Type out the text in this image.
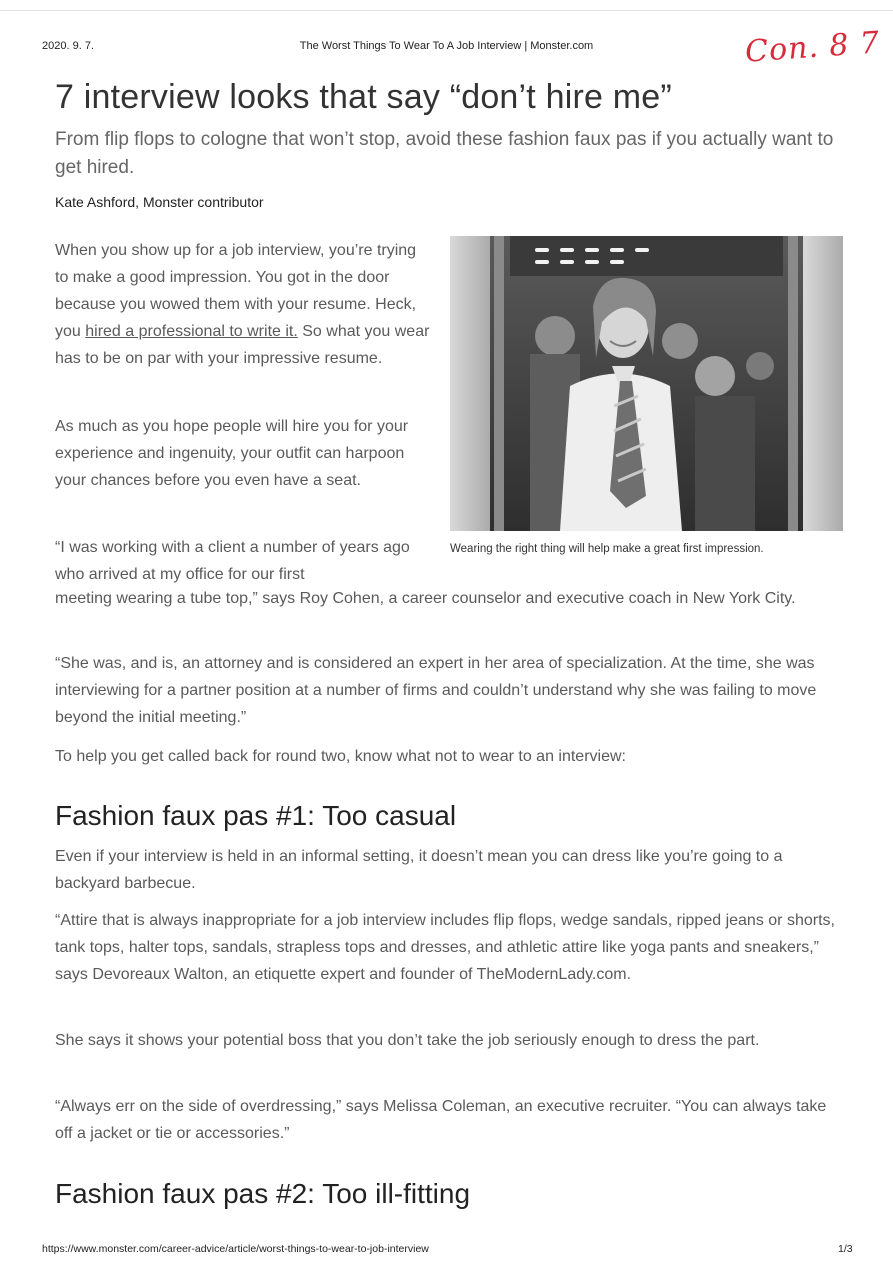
2020. 9. 7.	The Worst Things To Wear To A Job Interview | Monster.com	Con. 8 7
7 interview looks that say “don’t hire me”

From flip flops to cologne that won’t stop, avoid these fashion faux pas if you actually want to get hired.

Kate Ashford, Monster contributor

When you show up for a job interview, you’re trying to make a good impression. You got in the door because you wowed them with your resume. Heck, you hired a professional to write it. So what you wear has to be on par with your impressive resume.

As much as you hope people will hire you for your experience and ingenuity, your outfit can harpoon your chances before you even have a seat.

“I was working with a client a number of years ago who arrived at my office for our first

Wearing the right thing will help make a great first impression.

meeting wearing a tube top,” says Roy Cohen, a career counselor and executive coach in New York City.

“She was, and is, an attorney and is considered an expert in her area of specialization. At the time, she was interviewing for a partner position at a number of firms and couldn’t understand why she was failing to move beyond the initial meeting.”

To help you get called back for round two, know what not to wear to an interview:

Fashion faux pas #1: Too casual

Even if your interview is held in an informal setting, it doesn’t mean you can dress like you’re going to a backyard barbecue.

“Attire that is always inappropriate for a job interview includes flip flops, wedge sandals, ripped jeans or shorts, tank tops, halter tops, sandals, strapless tops and dresses, and athletic attire like yoga pants and sneakers,” says Devoreaux Walton, an etiquette expert and founder of TheModernLady.com.

She says it shows your potential boss that you don’t take the job seriously enough to dress the part.

“Always err on the side of overdressing,” says Melissa Coleman, an executive recruiter. “You can always take off a jacket or tie or accessories.”

Fashion faux pas #2: Too ill-fitting
https://www.monster.com/career-advice/article/worst-things-to-wear-to-job-interview	1/3
